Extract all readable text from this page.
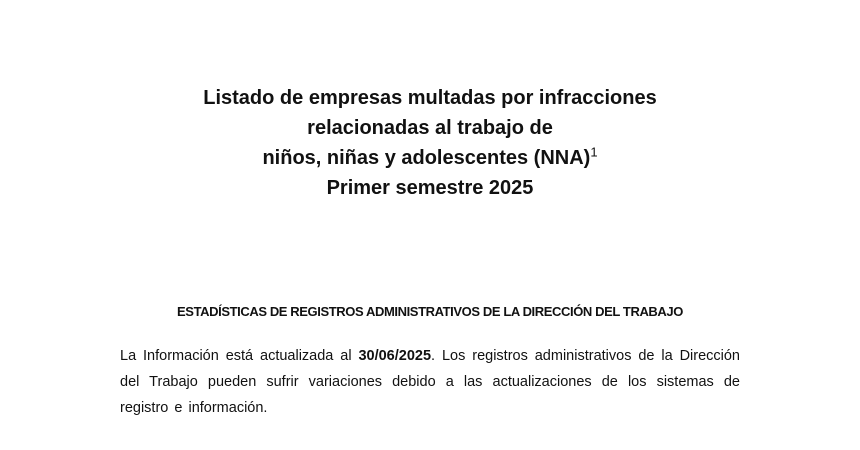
Listado de empresas multadas por infracciones
relacionadas al trabajo de
niños, niñas y adolescentes (NNA)$^1$
Primer semestre 2025

ESTADÍSTICAS DE REGISTROS ADMINISTRATIVOS DE LA DIRECCIÓN DEL TRABAJO

La Información está actualizada al 30/06/2025. Los registros administrativos de la Dirección del Trabajo pueden sufrir variaciones debido a las actualizaciones de los sistemas de registro e información.
